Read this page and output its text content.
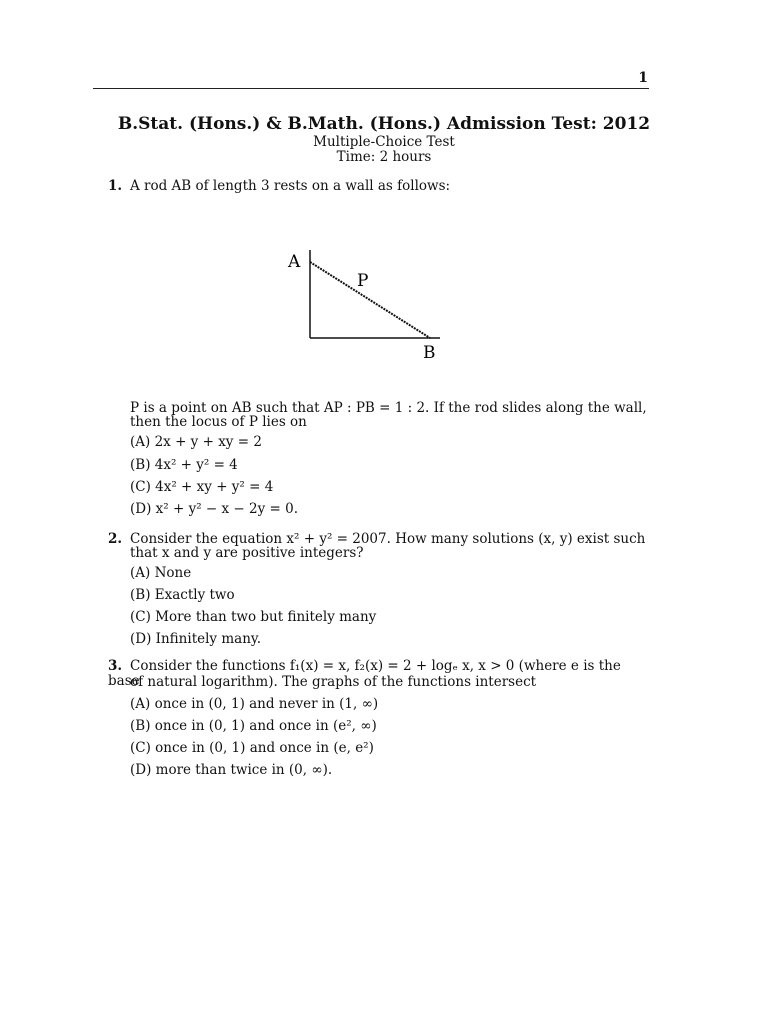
1
B.Stat. (Hons.) & B.Math. (Hons.) Admission Test: 2012
Multiple-Choice Test
Time: 2 hours
1. A rod AB of length 3 rests on a wall as follows:
A
P
B
P is a point on AB such that AP : PB = 1 : 2. If the rod slides along the wall,
then the locus of P lies on
(A) 2x + y + xy = 2
(B) 4x² + y² = 4
(C) 4x² + xy + y² = 4
(D) x² + y² − x − 2y = 0.
2. Consider the equation x² + y² = 2007. How many solutions (x, y) exist such
that x and y are positive integers?
(A) None
(B) Exactly two
(C) More than two but finitely many
(D) Infinitely many.
3. Consider the functions f₁(x) = x, f₂(x) = 2 + logₑ x, x > 0 (where e is the base
of natural logarithm). The graphs of the functions intersect
(A) once in (0, 1) and never in (1, ∞)
(B) once in (0, 1) and once in (e², ∞)
(C) once in (0, 1) and once in (e, e²)
(D) more than twice in (0, ∞).
